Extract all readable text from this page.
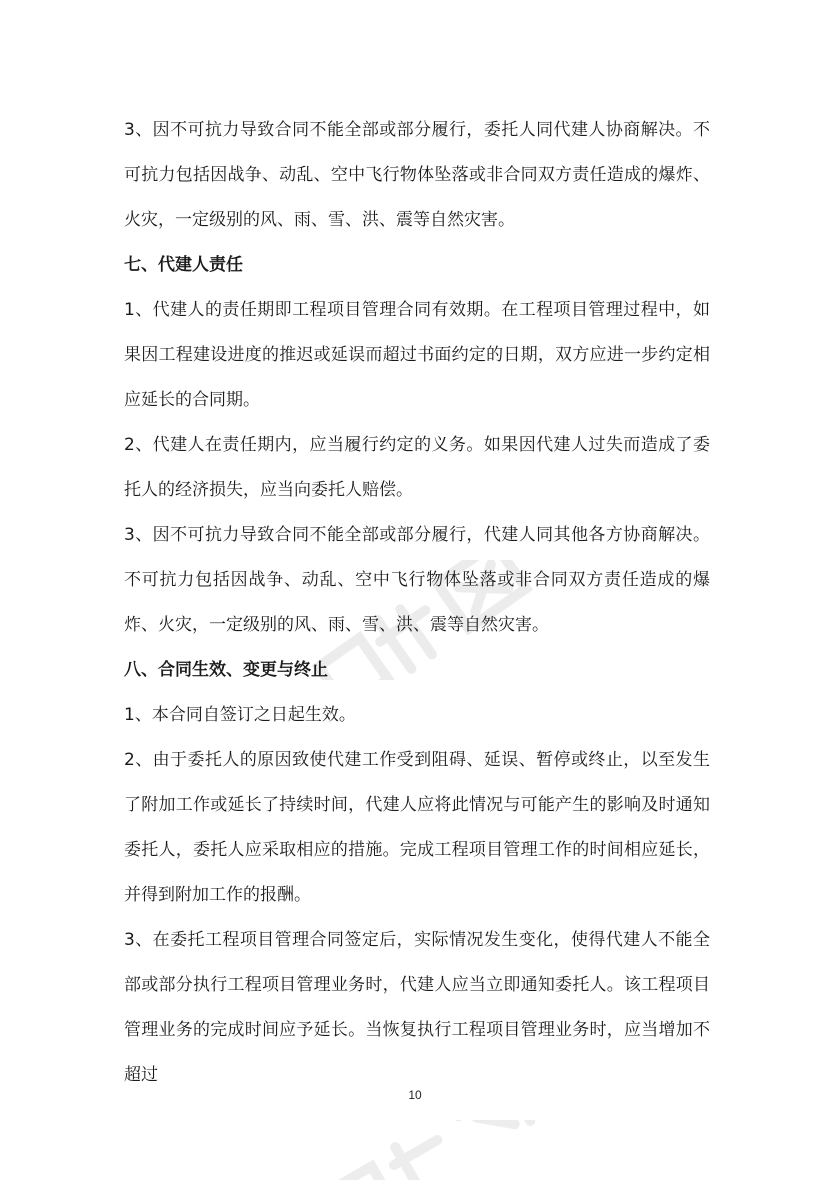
3、因不可抗力导致合同不能全部或部分履行，委托人同代建人协商解决。不可抗力包括因战争、动乱、空中飞行物体坠落或非合同双方责任造成的爆炸、火灾，一定级别的风、雨、雪、洪、震等自然灾害。

七、代建人责任

1、代建人的责任期即工程项目管理合同有效期。在工程项目管理过程中，如果因工程建设进度的推迟或延误而超过书面约定的日期，双方应进一步约定相应延长的合同期。

2、代建人在责任期内，应当履行约定的义务。如果因代建人过失而造成了委托人的经济损失，应当向委托人赔偿。

3、因不可抗力导致合同不能全部或部分履行，代建人同其他各方协商解决。不可抗力包括因战争、动乱、空中飞行物体坠落或非合同双方责任造成的爆炸、火灾，一定级别的风、雨、雪、洪、震等自然灾害。

八、合同生效、变更与终止

1、本合同自签订之日起生效。

2、由于委托人的原因致使代建工作受到阻碍、延误、暂停或终止，以至发生了附加工作或延长了持续时间，代建人应将此情况与可能产生的影响及时通知委托人，委托人应采取相应的措施。完成工程项目管理工作的时间相应延长，并得到附加工作的报酬。

3、在委托工程项目管理合同签定后，实际情况发生变化，使得代建人不能全部或部分执行工程项目管理业务时，代建人应当立即通知委托人。该工程项目管理业务的完成时间应予延长。当恢复执行工程项目管理业务时，应当增加不超过

10
